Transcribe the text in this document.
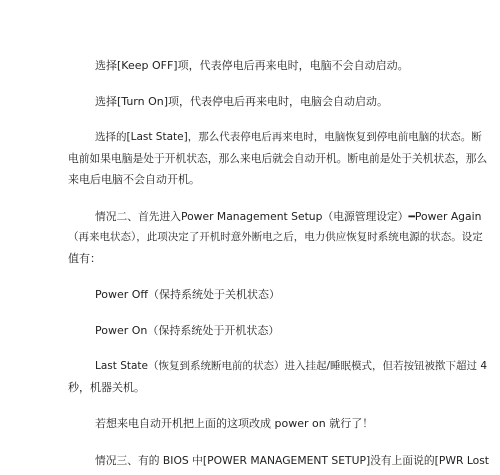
选择[Keep OFF]项，代表停电后再来电时，电脑不会自动启动。
选择[Turn On]项，代表停电后再来电时，电脑会自动启动。
选择的[Last State]，那么代表停电后再来电时，电脑恢复到停电前电脑的状态。断
电前如果电脑是处于开机状态，那么来电后就会自动开机。断电前是处于关机状态，那么
来电后电脑不会自动开机。
情况二、首先进入Power Management Setup（电源管理设定）━Power Again
（再来电状态），此项决定了开机时意外断电之后，电力供应恢复时系统电源的状态。设定
值有：
Power Off（保持系统处于关机状态）
Power On（保持系统处于开机状态）
Last State（恢复到系统断电前的状态）进入挂起/睡眠模式，但若按钮被揿下超过 4
秒，机器关机。
若想来电自动开机把上面的这项改成 power on 就行了！
情况三、有的 BIOS 中[POWER MANAGEMENT SETUP]没有上面说的[PWR Lost
